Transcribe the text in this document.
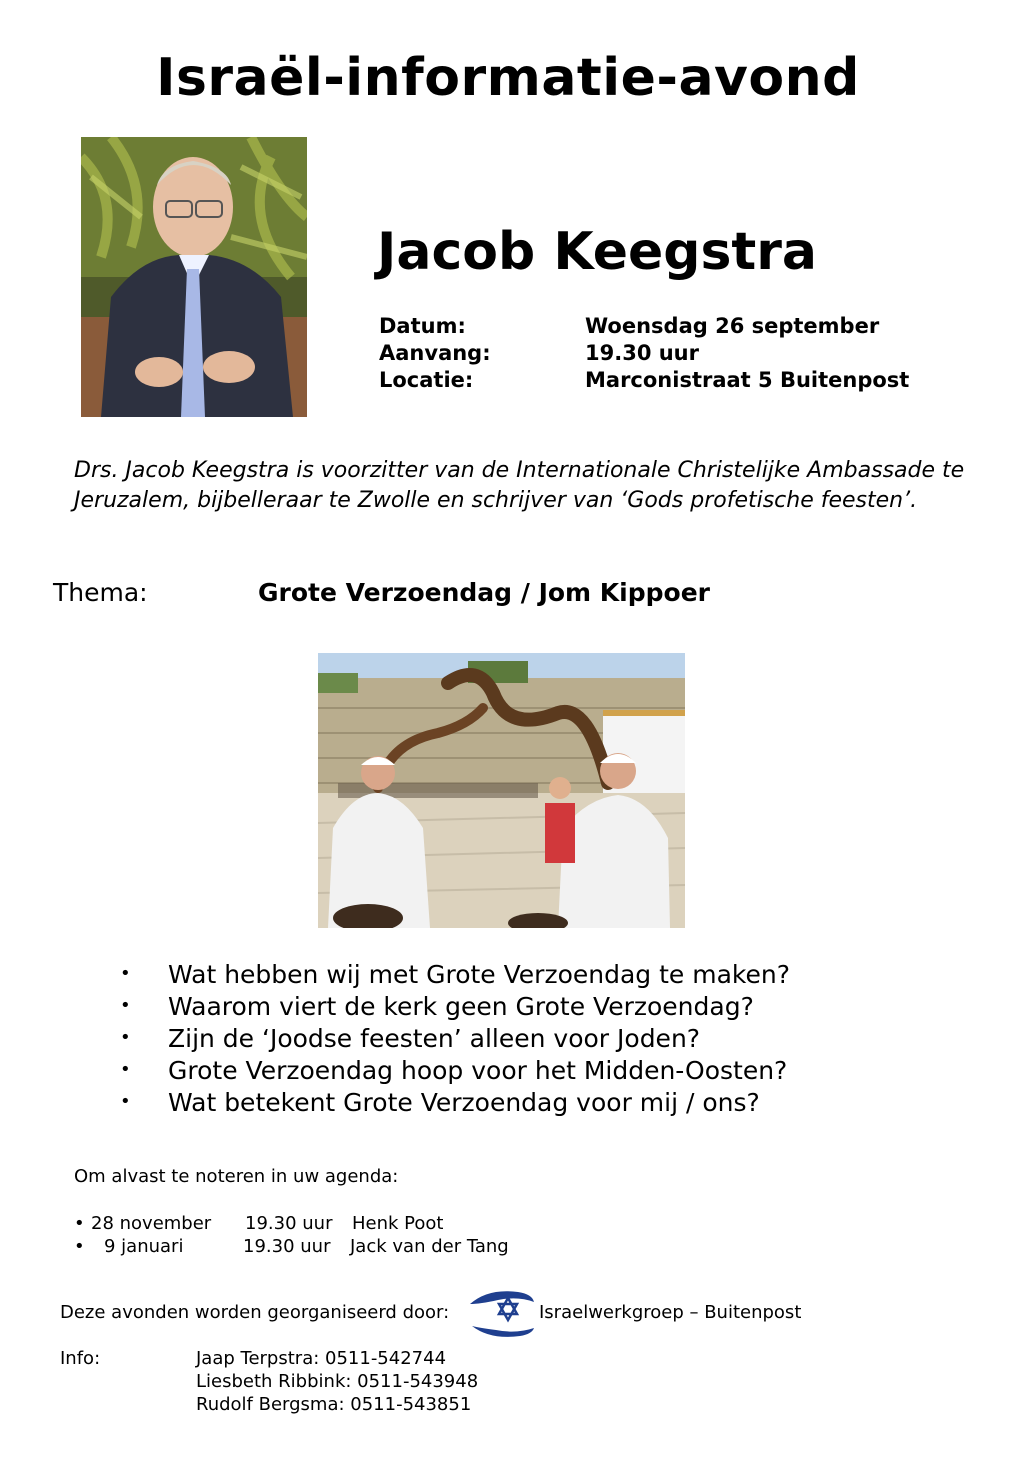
Israël-informatie-avond
Jacob Keegstra
Datum:	Woensdag 26 september
Aanvang:	19.30 uur
Locatie:	Marconistraat 5 Buitenpost
Drs. Jacob Keegstra is voorzitter van de Internationale Christelijke Ambassade te Jeruzalem, bijbelleraar te Zwolle en schrijver van ‘Gods profetische feesten’.
Thema:	Grote Verzoendag / Jom Kippoer
• Wat hebben wij met Grote Verzoendag te maken?
• Waarom viert de kerk geen Grote Verzoendag?
• Zijn de ‘Joodse feesten’ alleen voor Joden?
• Grote Verzoendag hoop voor het Midden-Oosten?
• Wat betekent Grote Verzoendag voor mij / ons?
Om alvast te noteren in uw agenda:
• 28 november 19.30 uur Henk Poot
• 9 januari	19.30 uur Jack van der Tang
Deze avonden worden georganiseerd door:	Israelwerkgroep – Buitenpost
Info:	Jaap Terpstra: 0511-542744
Liesbeth Ribbink: 0511-543948
Rudolf Bergsma: 0511-543851
